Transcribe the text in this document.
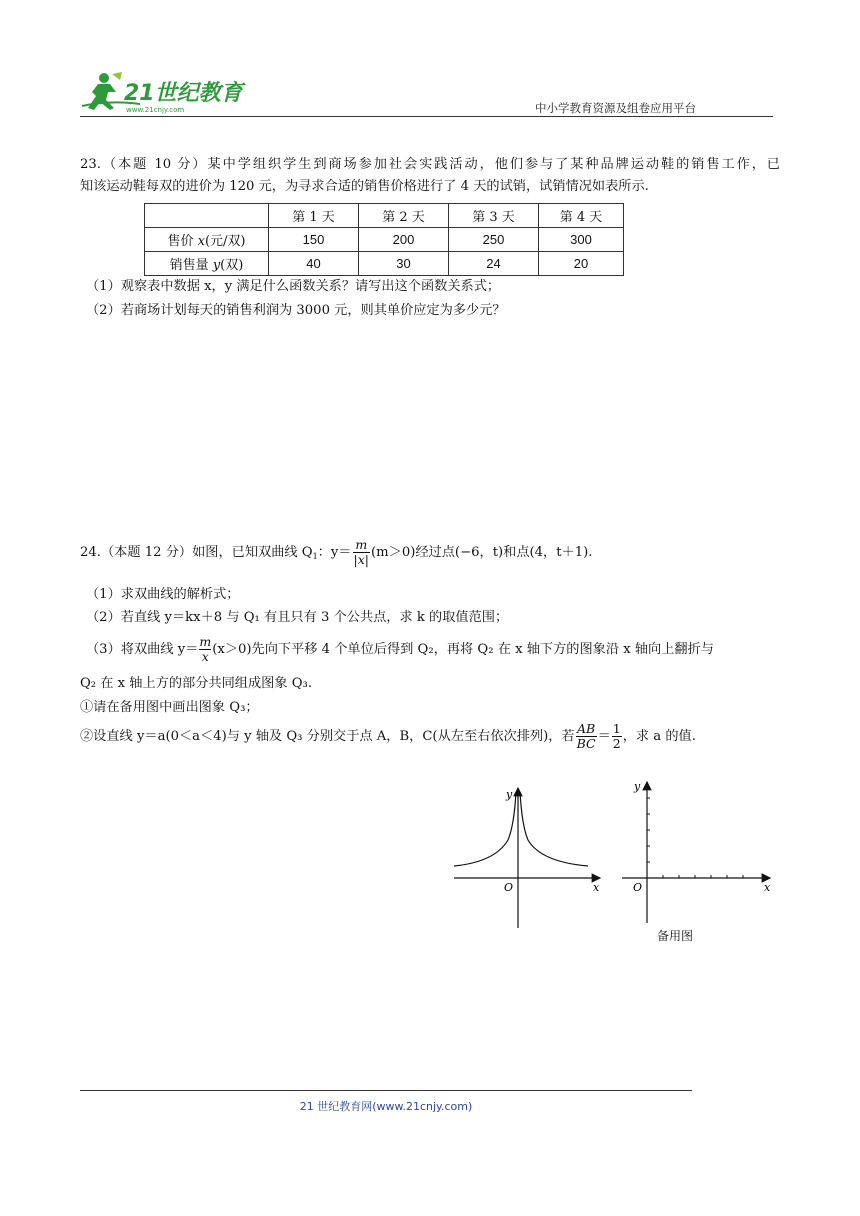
21世纪教育
www.21cnjy.com	中小学教育资源及组卷应用平台
23.（本题 10 分）某中学组织学生到商场参加社会实践活动，他们参与了某种品牌运动鞋的销售工作，已
知该运动鞋每双的进价为 120 元，为寻求合适的销售价格进行了 4 天的试销，试销情况如表所示.
	第 1 天	第 2 天	第 3 天	第 4 天
售价 x(元/双)	150	200	250	300
销售量 y(双)	40	30	24	20
（1）观察表中数据 x，y 满足什么函数关系？请写出这个函数关系式；
（2）若商场计划每天的销售利润为 3000 元，则其单价应定为多少元？
24.（本题 12 分）如图，已知双曲线 $Q_1$：$y= \frac{m}{|x|} (m>0)$经过点(−6，t)和点(4，t＋1).
（1）求双曲线的解析式；
（2）若直线 y＝kx＋8 与 Q₁ 有且只有 3 个公共点，求 k 的取值范围；
（3）将双曲线 $y= \frac{m}{x} (x>0)$先向下平移 4 个单位后得到 Q₂，再将 Q₂ 在 x 轴下方的图象沿 x 轴向上翻折与
Q₂ 在 x 轴上方的部分共同组成图象 Q₃.
①请在备用图中画出图象 Q₃；
②设直线 y＝a(0＜a＜4)与 y 轴及 Q₃ 分别交于点 A，B，C(从左至右依次排列)，若 $\frac{AB}{BC} = \frac{1}{2}$ ，求 a 的值.
y
x
O
y
x
O
备用图
21 世纪教育网(www.21cnjy.com)
